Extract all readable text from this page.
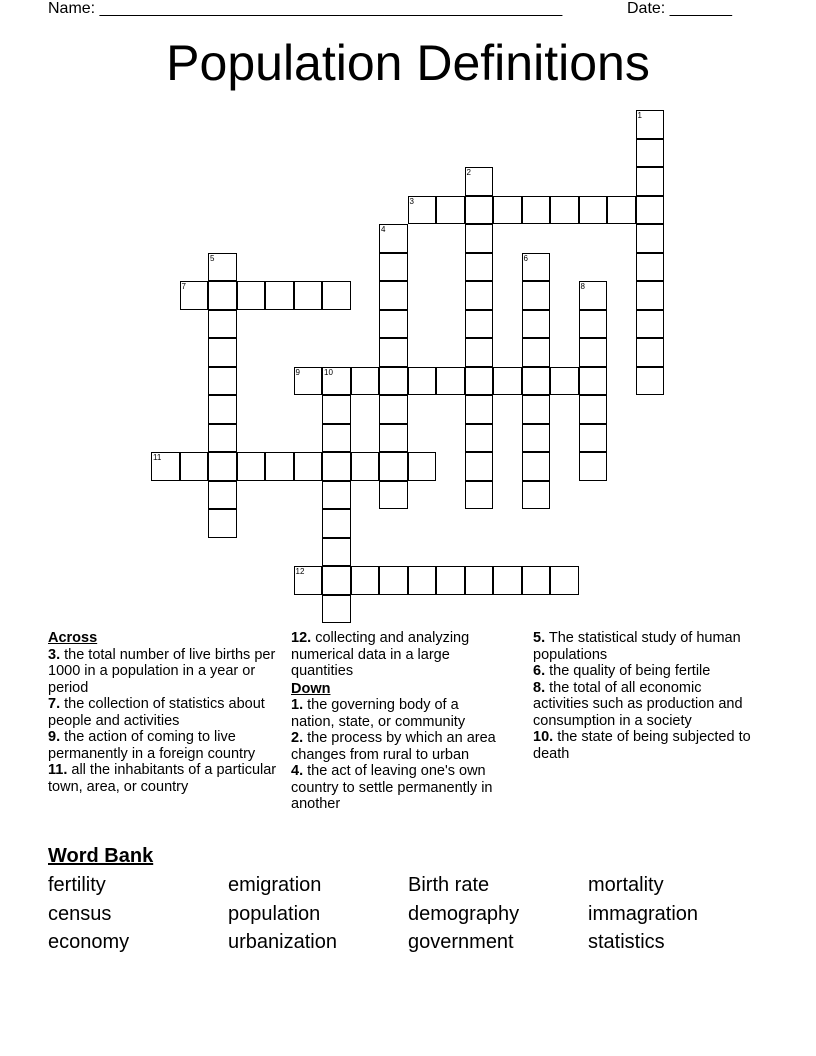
Name: ____________________________________________________	Date: _______
Population Definitions
1
2
3
4
5	6
7	8
9	10
11
12
Across

3. the total number of live births per 1000 in a population in a year or period

7. the collection of statistics about people and activities

9. the action of coming to live permanently in a foreign country

11. all the inhabitants of a particular town, area, or country

12. collecting and analyzing numerical data in a large quantities

Down

1. the governing body of a nation, state, or community

2. the process by which an area changes from rural to urban

4. the act of leaving one's own country to settle permanently in another

5. The statistical study of human populations

6. the quality of being fertile

8. the total of all economic activities such as production and consumption in a society

10. the state of being subjected to death

Word Bank
fertility	emigration	Birth rate	mortality
census	population	demography	immagration
economy	urbanization	government	statistics
